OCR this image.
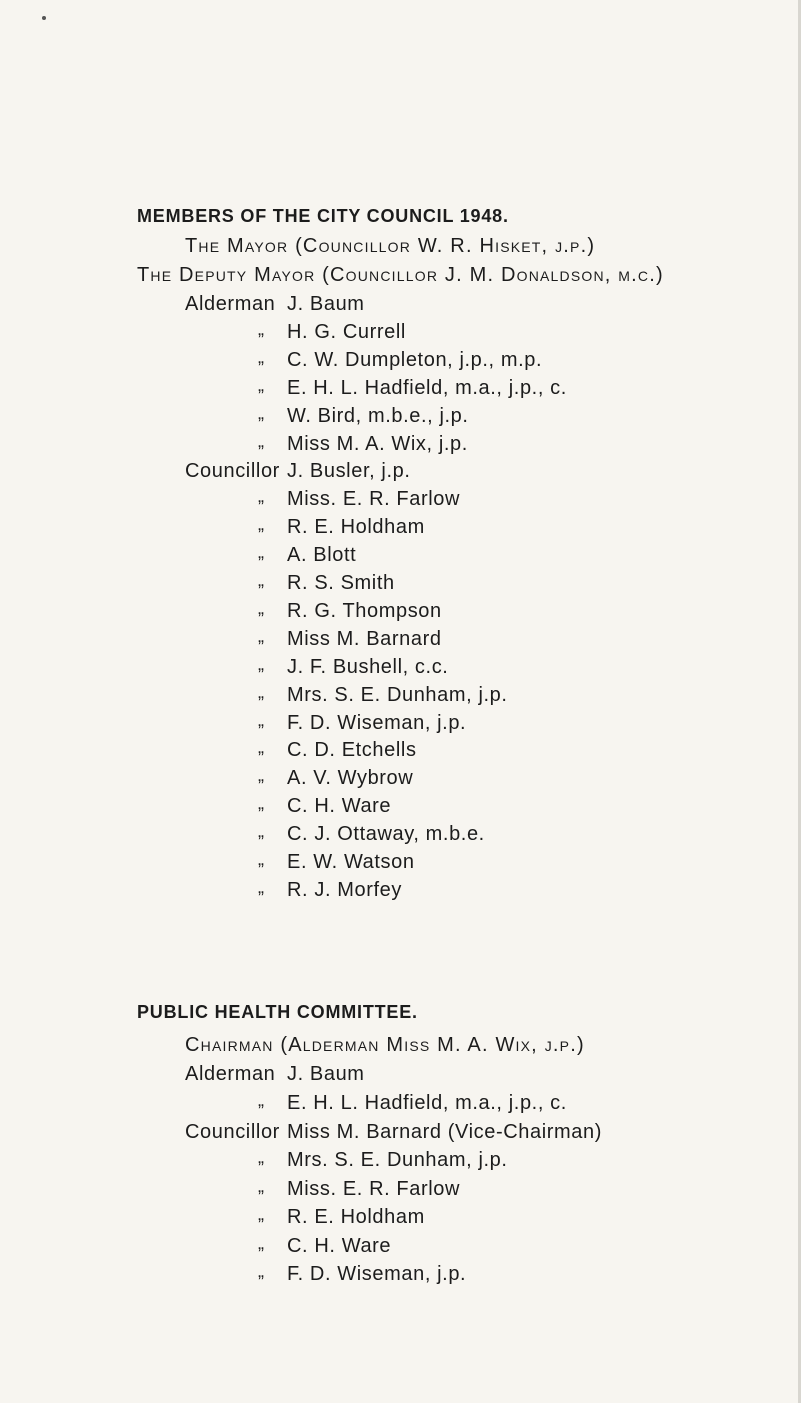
MEMBERS OF THE CITY COUNCIL 1948.
The Mayor (Councillor W. R. Hisket, j.p.)
The Deputy Mayor (Councillor J. M. Donaldson, m.c.)
Alderman J. Baum
„ H. G. Currell
„ C. W. Dumpleton, j.p., m.p.
„ E. H. L. Hadfield, m.a., j.p., c.
„ W. Bird, m.b.e., j.p.
„ Miss M. A. Wix, j.p.
Councillor J. Busler, j.p.
„ Miss. E. R. Farlow
„ R. E. Holdham
„ A. Blott
„ R. S. Smith
„ R. G. Thompson
„ Miss M. Barnard
„ J. F. Bushell, c.c.
„ Mrs. S. E. Dunham, j.p.
„ F. D. Wiseman, j.p.
„ C. D. Etchells
„ A. V. Wybrow
„ C. H. Ware
„ C. J. Ottaway, m.b.e.
„ E. W. Watson
„ R. J. Morfey
PUBLIC HEALTH COMMITTEE.
Chairman (Alderman Miss M. A. Wix, j.p.)
Alderman J. Baum
„ E. H. L. Hadfield, m.a., j.p., c.
Councillor Miss M. Barnard (Vice-Chairman)
„ Mrs. S. E. Dunham, j.p.
„ Miss. E. R. Farlow
„ R. E. Holdham
„ C. H. Ware
„ F. D. Wiseman, j.p.
